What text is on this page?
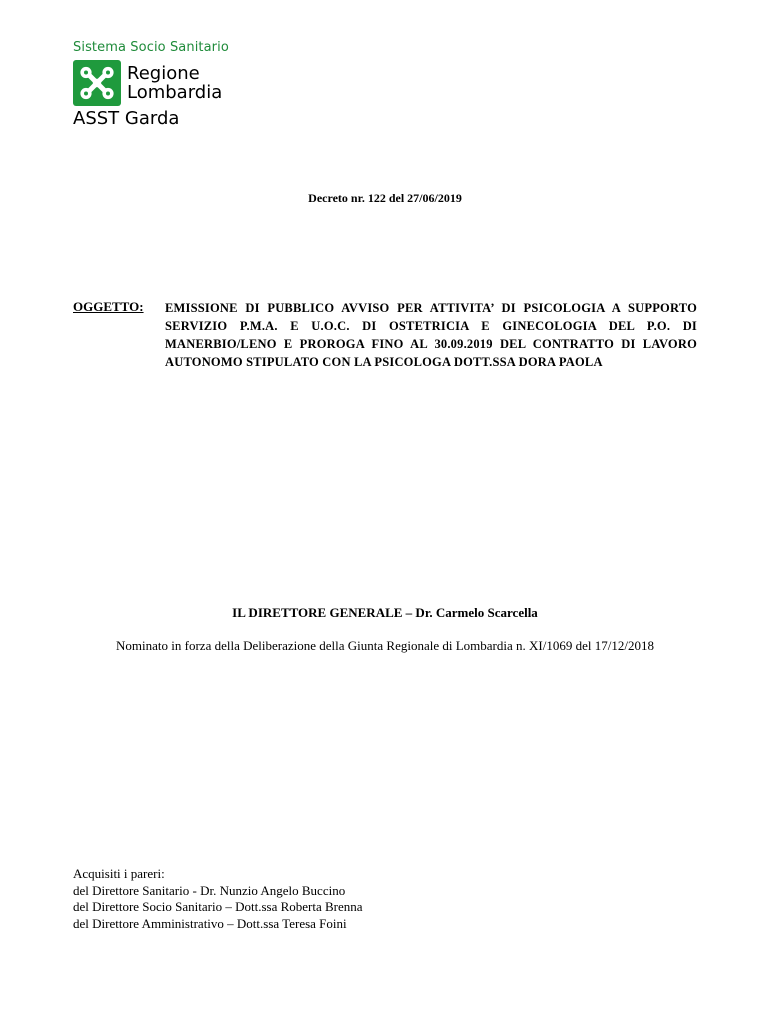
Sistema Socio Sanitario
Regione
Lombardia
ASST Garda
Decreto nr. 122 del 27/06/2019
OGGETTO: EMISSIONE DI PUBBLICO AVVISO PER ATTIVITA’ DI PSICOLOGIA A SUPPORTO SERVIZIO P.M.A. E U.O.C. DI OSTETRICIA E GINECOLOGIA DEL P.O. DI MANERBIO/LENO E PROROGA FINO AL 30.09.2019 DEL CONTRATTO DI LAVORO AUTONOMO STIPULATO CON LA PSICOLOGA DOTT.SSA DORA PAOLA
IL DIRETTORE GENERALE – Dr. Carmelo Scarcella
Nominato in forza della Deliberazione della Giunta Regionale di Lombardia n. XI/1069 del 17/12/2018
Acquisiti i pareri:
del Direttore Sanitario - Dr. Nunzio Angelo Buccino
del Direttore Socio Sanitario – Dott.ssa Roberta Brenna
del Direttore Amministrativo – Dott.ssa Teresa Foini
